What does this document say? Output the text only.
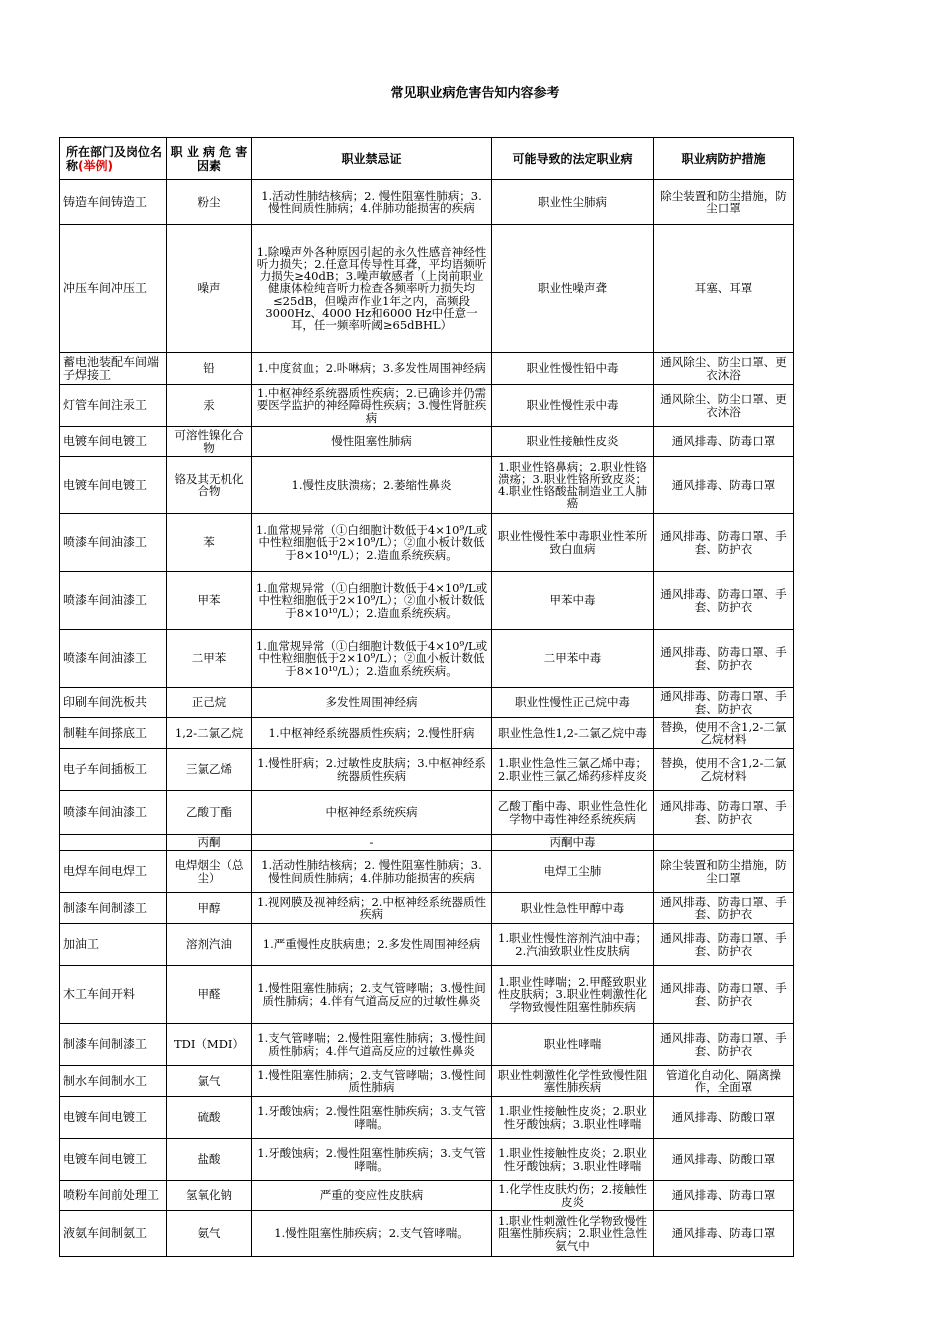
常见职业病危害告知内容参考
所在部门及岗位名称(举例)	职 业 病 危 害因素	职业禁忌证	可能导致的法定职业病	职业病防护措施
铸造车间铸造工	粉尘	1.活动性肺结核病；2. 慢性阻塞性肺病；3. 慢性间质性肺病；4.伴肺功能损害的疾病	职业性尘肺病	除尘装置和防尘措施，防尘口罩
冲压车间冲压工	噪声	1.除噪声外各种原因引起的永久性感音神经性听力损失；2.任意耳传导性耳聋，平均语频听力损失≥40dB；3.噪声敏感者（上岗前职业健康体检纯音听力检查各频率听力损失均≤25dB，但噪声作业1年之内，高频段3000Hz、4000 Hz和6000 Hz中任意一耳，任一频率听阈≥65dBHL）	职业性噪声聋	耳塞、耳罩
蓄电池装配车间端子焊接工	铅	1.中度贫血；2.卟啉病；3.多发性周围神经病	职业性慢性铅中毒	通风除尘、防尘口罩、更衣沐浴
灯管车间注汞工	汞	1.中枢神经系统器质性疾病；2.已确诊并仍需要医学监护的神经障碍性疾病；3.慢性肾脏疾病	职业性慢性汞中毒	通风除尘、防尘口罩、更衣沐浴
电镀车间电镀工	可溶性镍化合物	慢性阻塞性肺病	职业性接触性皮炎	通风排毒、防毒口罩
电镀车间电镀工	铬及其无机化合物	1.慢性皮肤溃疡；2.萎缩性鼻炎	1.职业性铬鼻病；2.职业性铬溃疡；3.职业性铬所致皮炎；4.职业性铬酸盐制造业工人肺癌	通风排毒、防毒口罩
喷漆车间油漆工	苯	1.血常规异常（①白细胞计数低于4×10⁹/L或中性粒细胞低于2×10⁹/L）；②血小板计数低于8×10¹⁰/L）；2.造血系统疾病。	职业性慢性苯中毒职业性苯所致白血病	通风排毒、防毒口罩、手套、防护衣
喷漆车间油漆工	甲苯	1.血常规异常（①白细胞计数低于4×10⁹/L或中性粒细胞低于2×10⁹/L）；②血小板计数低于8×10¹⁰/L）；2.造血系统疾病。	甲苯中毒	通风排毒、防毒口罩、手套、防护衣
喷漆车间油漆工	二甲苯	1.血常规异常（①白细胞计数低于4×10⁹/L或中性粒细胞低于2×10⁹/L）；②血小板计数低于8×10¹⁰/L）；2.造血系统疾病。	二甲苯中毒	通风排毒、防毒口罩、手套、防护衣
印刷车间洗板共	正己烷	多发性周围神经病	职业性慢性正己烷中毒	通风排毒、防毒口罩、手套、防护衣
制鞋车间搽底工	1,2-二氯乙烷	1.中枢神经系统器质性疾病；2.慢性肝病	职业性急性1,2-二氯乙烷中毒	替换，使用不含1,2-二氯乙烷材料
电子车间插板工	三氯乙烯	1.慢性肝病；2.过敏性皮肤病；3.中枢神经系统器质性疾病	1.职业性急性三氯乙烯中毒；2.职业性三氯乙烯药疹样皮炎	替换，使用不含1,2-二氯乙烷材料
喷漆车间油漆工	乙酸丁酯	中枢神经系统疾病	乙酸丁酯中毒、职业性急性化学物中毒性神经系统疾病	通风排毒、防毒口罩、手套、防护衣
	丙酮	-	丙酮中毒	
电焊车间电焊工	电焊烟尘（总尘）	1.活动性肺结核病；2. 慢性阻塞性肺病；3. 慢性间质性肺病；4.伴肺功能损害的疾病	电焊工尘肺	除尘装置和防尘措施，防尘口罩
制漆车间制漆工	甲醇	1.视网膜及视神经病；2.中枢神经系统器质性疾病	职业性急性甲醇中毒	通风排毒、防毒口罩、手套、防护衣
加油工	溶剂汽油	1.严重慢性皮肤病患；2.多发性周围神经病	1.职业性慢性溶剂汽油中毒；2.汽油致职业性皮肤病	通风排毒、防毒口罩、手套、防护衣
木工车间开料	甲醛	1.慢性阻塞性肺病；2.支气管哮喘；3.慢性间质性肺病；4.伴有气道高反应的过敏性鼻炎	1.职业性哮喘；2.甲醛致职业性皮肤病；3.职业性刺激性化学物致慢性阻塞性肺疾病	通风排毒、防毒口罩、手套、防护衣
制漆车间制漆工	TDI（MDI）	1.支气管哮喘；2.慢性阻塞性肺病；3.慢性间质性肺病；4.伴气道高反应的过敏性鼻炎	职业性哮喘	通风排毒、防毒口罩、手套、防护衣
制水车间制水工	氯气	1.慢性阻塞性肺病；2.支气管哮喘；3.慢性间质性肺病	职业性刺激性化学性致慢性阻塞性肺疾病	管道化自动化、隔离操作，全面罩
电镀车间电镀工	硫酸	1.牙酸蚀病；2.慢性阻塞性肺疾病；3.支气管哮喘。	1.职业性接触性皮炎；2.职业性牙酸蚀病；3.职业性哮喘	通风排毒、防酸口罩
电镀车间电镀工	盐酸	1.牙酸蚀病；2.慢性阻塞性肺疾病；3.支气管哮喘。	1.职业性接触性皮炎；2.职业性牙酸蚀病；3.职业性哮喘	通风排毒、防酸口罩
喷粉车间前处理工	氢氧化钠	严重的变应性皮肤病	1.化学性皮肤灼伤；2.接触性皮炎	通风排毒、防毒口罩
液氨车间制氨工	氨气	1.慢性阻塞性肺疾病；2.支气管哮喘。	1.职业性刺激性化学物致慢性阻塞性肺疾病；2.职业性急性氨气中	通风排毒、防毒口罩
